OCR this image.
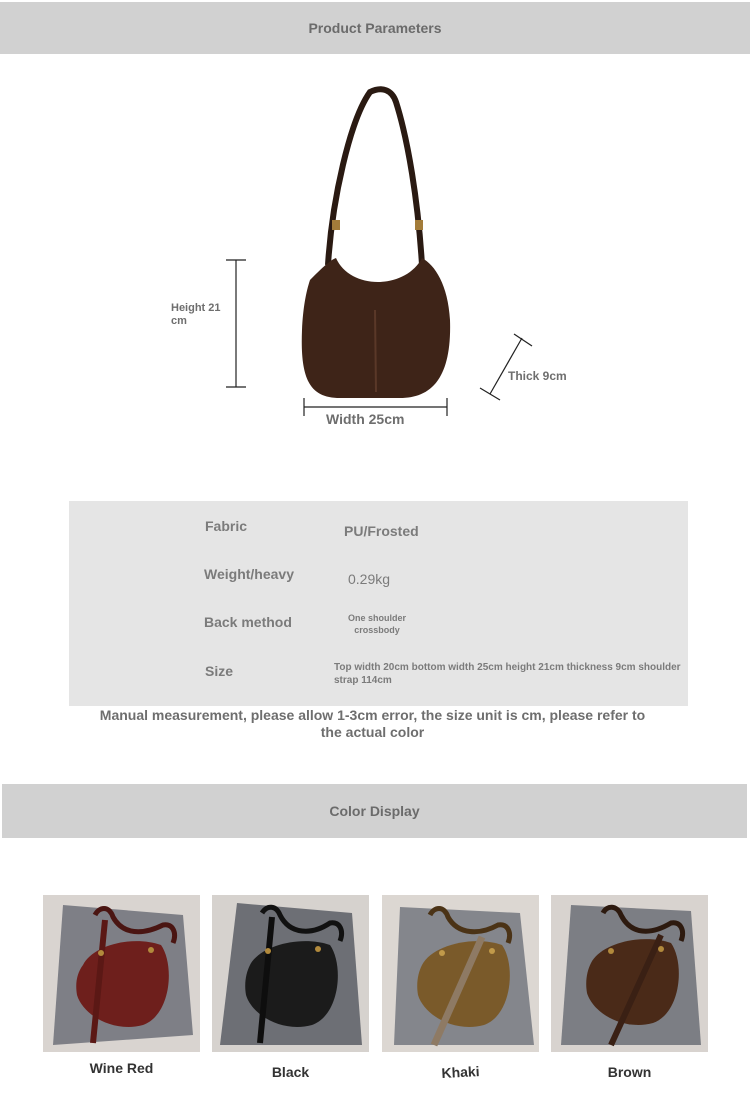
Product Parameters
Height 21 cm
Width 25cm
Thick 9cm
Fabric	PU/Frosted
Weight/heavy	0.29kg
Back method	One shoulder crossbody
Size	Top width 20cm bottom width 25cm height 21cm thickness 9cm shoulder strap 114cm
Manual measurement, please allow 1-3cm error, the size unit is cm, please refer to the actual color
Color Display
Wine Red	Black	Khaki	Brown
